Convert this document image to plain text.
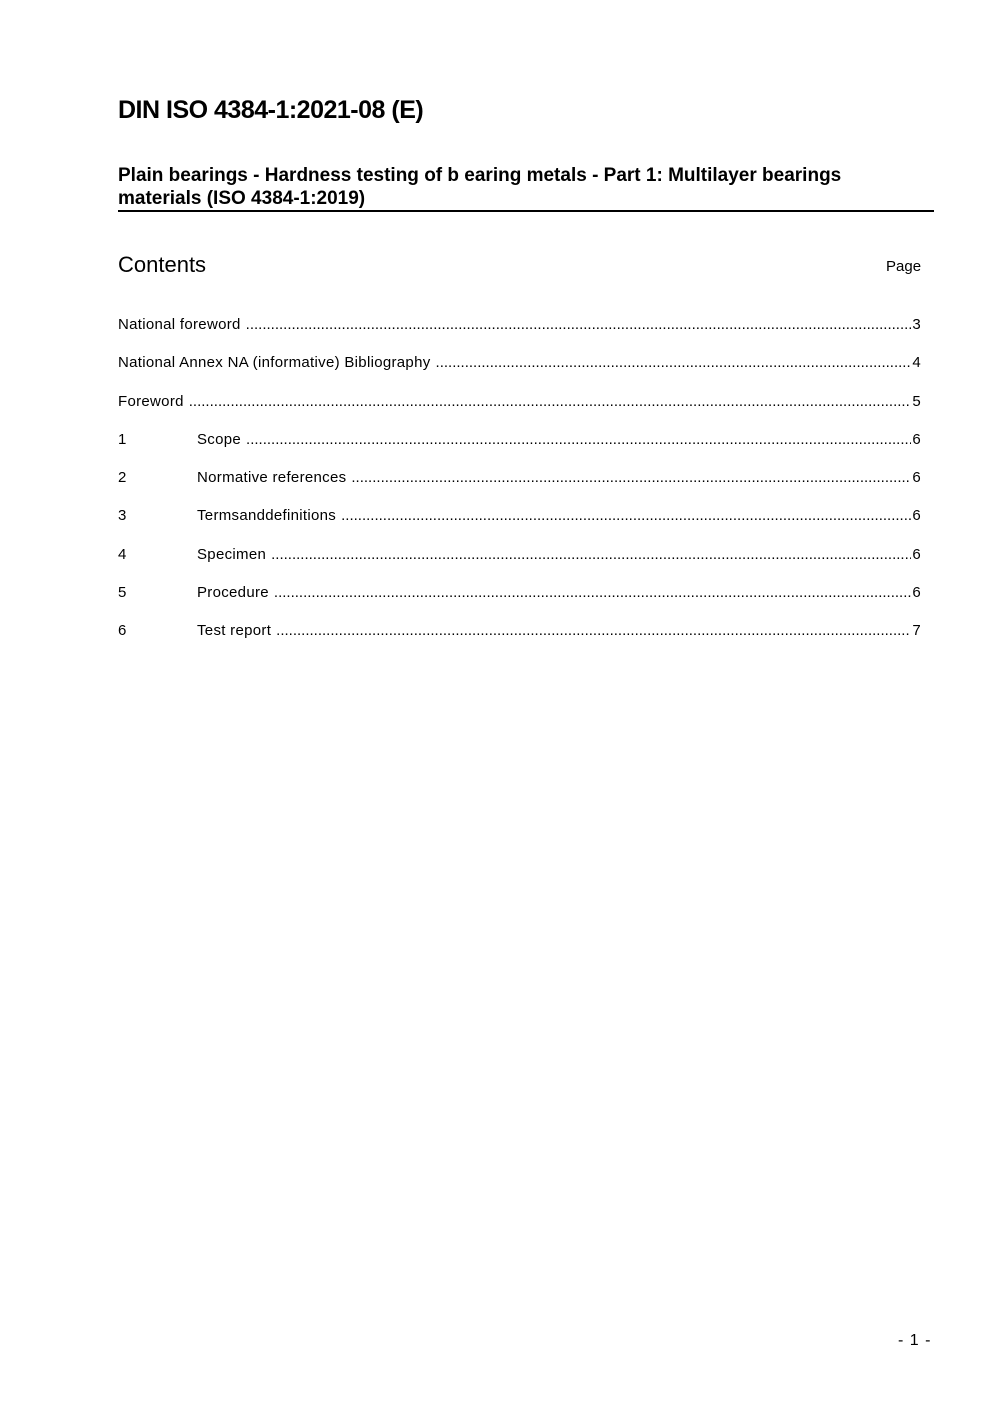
DIN ISO 4384-1:2021-08 (E)
Plain bearings - Hardness testing of b earing metals - Part 1: Multilayer bearings materials (ISO 4384-1:2019)
Contents	Page
National foreword .....	3
National Annex NA (informative) Bibliography .....	4
Foreword .....	5
1	Scope .....	6
2	Normative references .....	6
3	Termsanddefinitions .....	6
4	Specimen .....	6
5	Procedure .....	6
6	Test report .....	7
- 1 -
